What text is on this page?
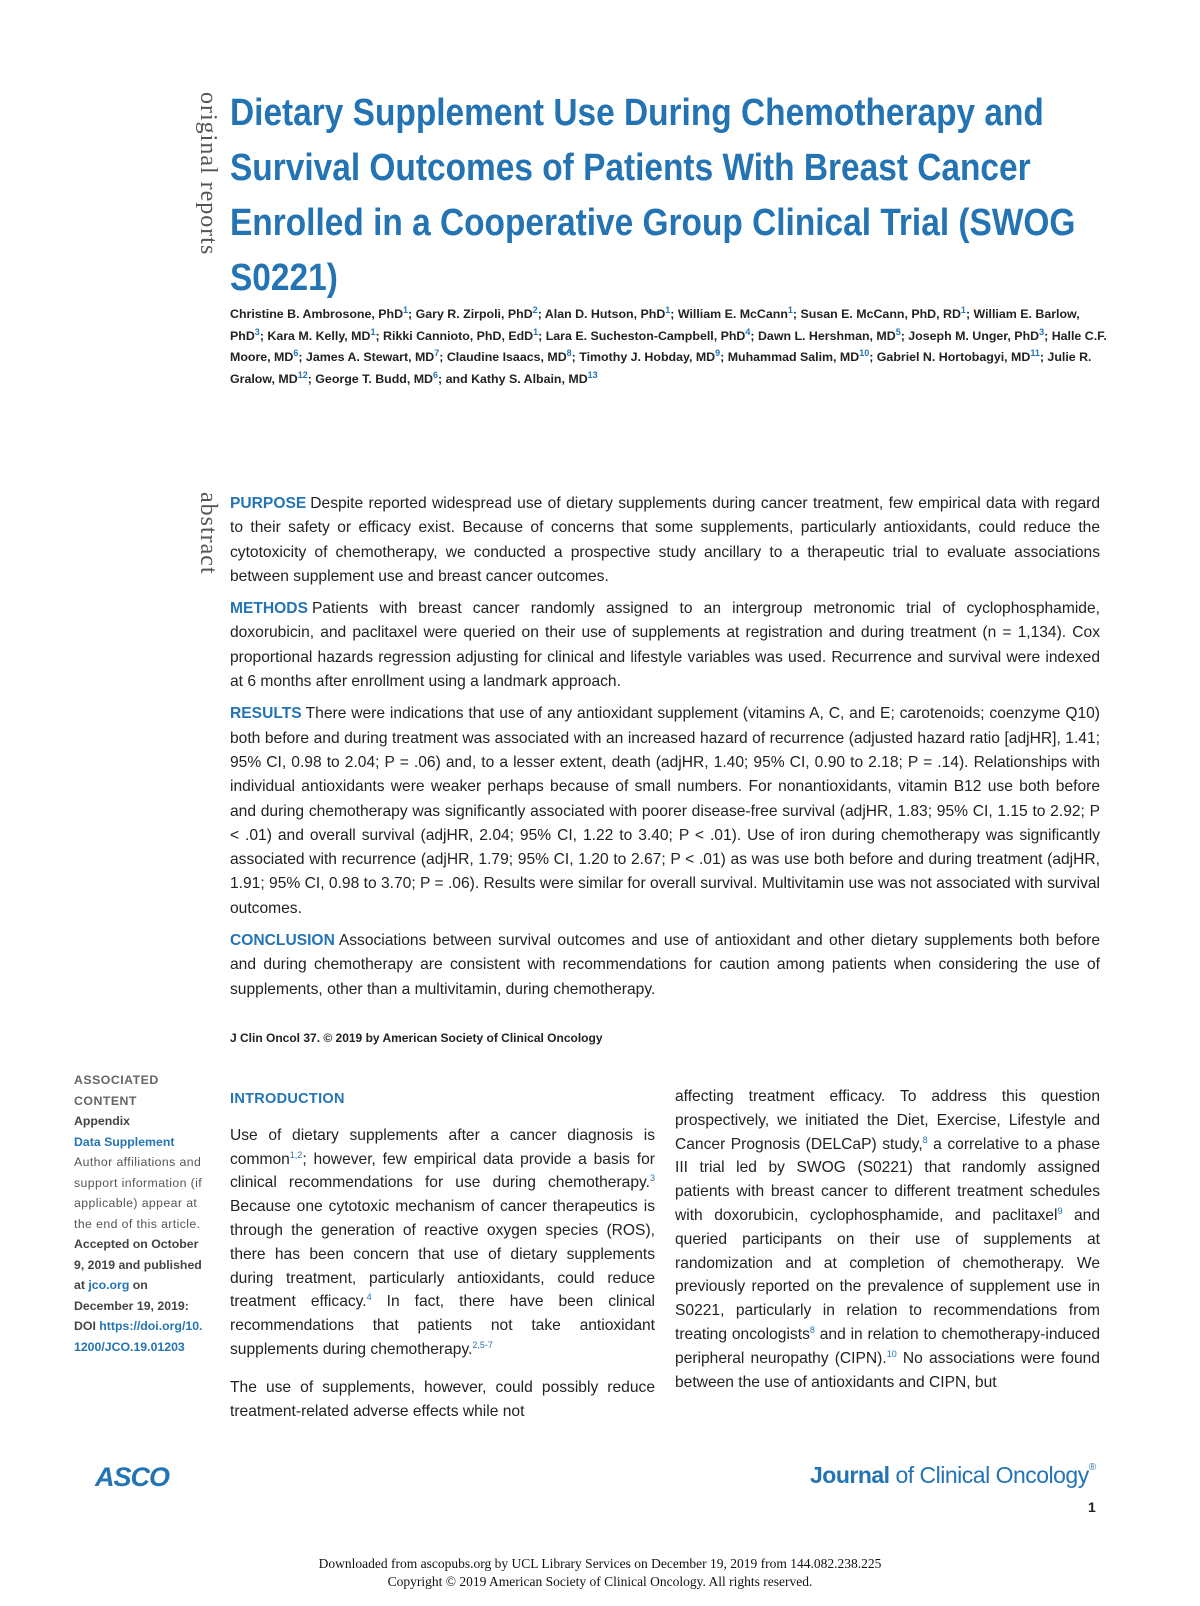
original reports Dietary Supplement Use During Chemotherapy and Survival Outcomes of Patients With Breast Cancer Enrolled in a Cooperative Group Clinical Trial (SWOG S0221)

Christine B. Ambrosone, PhD$^1$; Gary R. Zirpoli, PhD$^2$; Alan D. Hutson, PhD$^1$; William E. McCann$^1$; Susan E. McCann, PhD, $RD^1$; William E. Barlow, PhD$^3$; Kara M. Kelly, $MD^1$; Rikki Cannioto, PhD, EdD$^1$; Lara E. Sucheston-Campbell, PhD$^4$; Dawn L. Hershman, $MD^5$; Joseph M. Unger, PhD$^3$; Halle C.F. Moore, $MD^6$; James A. Stewart, $MD^7$; Claudine Isaacs, $MD^8$; Timothy J. Hobday, $MD^9$; Muhammad Salim, MD$^{10}$; Gabriel N. Hortobagyi, MD$^{11}$; Julie R. Gralow, MD$^{12}$; George T. Budd, $MD^6$; and Kathy S. Albain, MD$^{13}$

abstract PURPOSE Despite reported widespread use of dietary supplements during cancer treatment, few empirical data with regard to their safety or efficacy exist. Because of concerns that some supplements, particularly antioxidants, could reduce the cytotoxicity of chemotherapy, we conducted a prospective study ancillary to a therapeutic trial to evaluate associations between supplement use and breast cancer outcomes.

METHODS Patients with breast cancer randomly assigned to an intergroup metronomic trial of cyclophosphamide, doxorubicin, and paclitaxel were queried on their use of supplements at registration and during treatment (n = 1,134). Cox proportional hazards regression adjusting for clinical and lifestyle variables was used. Recurrence and survival were indexed at 6 months after enrollment using a landmark approach.

RESULTS There were indications that use of any antioxidant supplement (vitamins A, C, and E; carotenoids; coenzyme Q10) both before and during treatment was associated with an increased hazard of recurrence (adjusted hazard ratio [adjHR], 1.41; 95% CI, 0.98 to 2.04; P = .06) and, to a lesser extent, death (adjHR, 1.40; 95% CI, 0.90 to 2.18; P = .14). Relationships with individual antioxidants were weaker perhaps because of small numbers. For nonantioxidants, vitamin B12 use both before and during chemotherapy was significantly associated with poorer disease-free survival (adjHR, 1.83; 95% CI, 1.15 to 2.92; P < .01) and overall survival (adjHR, 2.04; 95% CI, 1.22 to 3.40; P < .01). Use of iron during chemotherapy was significantly associated with recurrence (adjHR, 1.79; 95% CI, 1.20 to 2.67; P < .01) as was use both before and during treatment (adjHR, 1.91; 95% CI, 0.98 to 3.70; P = .06). Results were similar for overall survival. Multivitamin use was not associated with survival outcomes.

CONCLUSION Associations between survival outcomes and use of antioxidant and other dietary supplements both before and during chemotherapy are consistent with recommendations for caution among patients when considering the use of supplements, other than a multivitamin, during chemotherapy.

J Clin Oncol 37. © 2019 by American Society of Clinical Oncology
ASSOCIATED CONTENT
Appendix
Data Supplement
Author affiliations and support information (if applicable) appear at the end of this article.
Accepted on October 9, 2019 and published at jco.org on December 19, 2019: DOI https://doi.org/10.1200/JCO.19.01203
INTRODUCTION

Use of dietary supplements after a cancer diagnosis is common$^{1,2}$; however, few empirical data provide a basis for clinical recommendations for use during chemotherapy.$^3$ Because one cytotoxic mechanism of cancer therapeutics is through the generation of reactive oxygen species (ROS), there has been concern that use of dietary supplements during treatment, particularly antioxidants, could reduce treatment efficacy.$^4$ In fact, there have been clinical recommendations that patients not take antioxidant supplements during chemotherapy.$^{2,5-7}$

The use of supplements, however, could possibly reduce treatment-related adverse effects while not

affecting treatment efficacy. To address this question prospectively, we initiated the Diet, Exercise, Lifestyle and Cancer Prognosis (DELCaP) study,$^8$ a correlative to a phase III trial led by SWOG (S0221) that randomly assigned patients with breast cancer to different treatment schedules with doxorubicin, cyclophosphamide, and paclitaxel$^9$ and queried participants on their use of supplements at randomization and at completion of chemotherapy. We previously reported on the prevalence of supplement use in S0221, particularly in relation to recommendations from treating oncologists$^8$ and in relation to chemotherapy-induced peripheral neuropathy (CIPN).$^{10}$ No associations were found between the use of antioxidants and CIPN, but

ASCO	Journal of Clinical Oncology®
1
Downloaded from ascopubs.org by UCL Library Services on December 19, 2019 from 144.082.238.225
Copyright © 2019 American Society of Clinical Oncology. All rights reserved.
